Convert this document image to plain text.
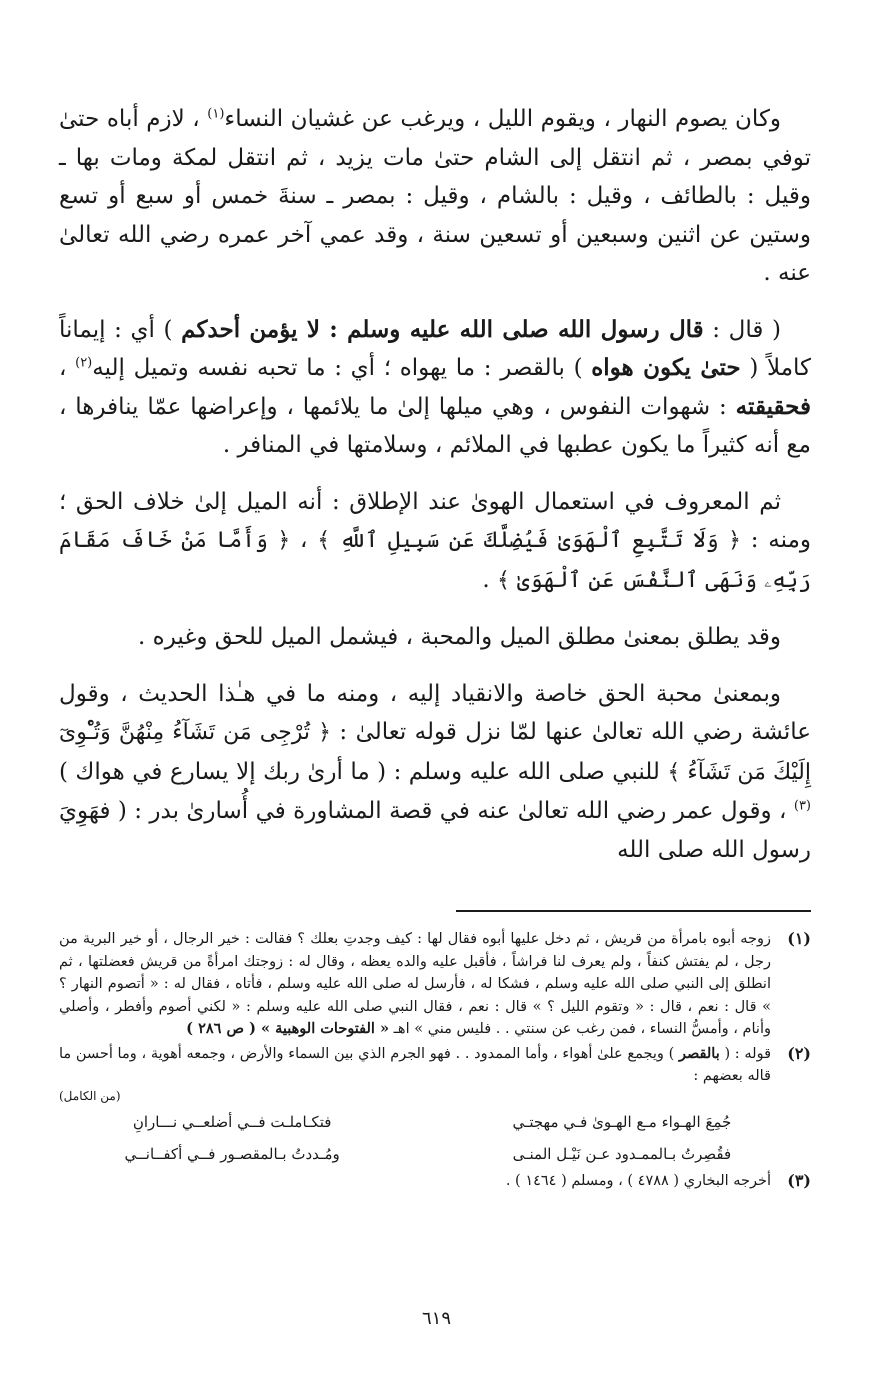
وكان يصوم النهار ، ويقوم الليل ، ويرغب عن غشيان النساء$^{(١)}$ ، لازم أباه حتىٰ توفي بمصر ، ثم انتقل إلى الشام حتىٰ مات يزيد ، ثم انتقل لمكة ومات بها ـ وقيل : بالطائف ، وقيل : بالشام ، وقيل : بمصر ـ سنةَ خمس أو سبع أو تسع وستين عن اثنين وسبعين أو تسعين سنة ، وقد عمي آخر عمره رضي الله تعالىٰ عنه .

( قال : قال رسول الله صلى الله عليه وسلم : لا يؤمن أحدكم ) أي : إيماناً كاملاً ( حتىٰ يكون هواه ) بالقصر : ما يهواه ؛ أي : ما تحبه نفسه وتميل إليه$^{(٢)}$ ، فحقيقته : شهوات النفوس ، وهي ميلها إلىٰ ما يلائمها ، وإعراضها عمّا ينافرها ، مع أنه كثيراً ما يكون عطبها في الملائم ، وسلامتها في المنافر .

ثم المعروف في استعمال الهوىٰ عند الإطلاق : أنه الميل إلىٰ خلاف الحق ؛ ومنه : ﴿ وَلَا تَتَّبِعِ ٱلْهَوَىٰ فَيُضِلَّكَ عَن سَبِيلِ ٱللَّهِ ﴾ ، ﴿ وَأَمَّا مَنْ خَافَ مَقَامَ رَبِّهِۦ وَنَهَى ٱلنَّفْسَ عَنِ ٱلْهَوَىٰ ﴾ .

وقد يطلق بمعنىٰ مطلق الميل والمحبة ، فيشمل الميل للحق وغيره .

وبمعنىٰ محبة الحق خاصة والانقياد إليه ، ومنه ما في هـٰذا الحديث ، وقول عائشة رضي الله تعالىٰ عنها لمّا نزل قوله تعالىٰ : ﴿ تُرْجِى مَن تَشَآءُ مِنْهُنَّ وَتُـْٔوِىٓ إِلَيْكَ مَن تَشَآءُ ﴾ للنبي صلى الله عليه وسلم : ( ما أرىٰ ربك إلا يسارع في هواك )$^{(٣)}$ ، وقول عمر رضي الله تعالىٰ عنه في قصة المشاورة في أُسارىٰ بدر : ( فهَوِيَ رسول الله صلى الله

(١)
زوجه أبوه بامرأة من قريش ، ثم دخل عليها أبوه فقال لها : كيف وجدتِ بعلك ؟ فقالت : خير الرجال ، أو خير البرية من رجل ، لم يفتش كنفاً ، ولم يعرف لنا فراشاً ، فأقبل عليه والده يعظه ، وقال له : زوجتك امرأةً من قريش فعضلتها ، ثم انطلق إلى النبي صلى الله عليه وسلم ، فشكا له ، فأرسل له صلى الله عليه وسلم ، فأتاه ، فقال له : « أتصوم النهار ؟ » قال : نعم ، قال : « وتقوم الليل ؟ » قال : نعم ، فقال النبي صلى الله عليه وسلم : « لكني أصوم وأفطر ، وأصلي وأنام ، وأمسُّ النساء ، فمن رغب عن سنتي . . فليس مني » اهـ « الفتوحات الوهبية » ( ص ٢٨٦ )
(٢)
قوله : ( بالقصر ) ويجمع علىٰ أهواء ، وأما الممدود . . فهو الجرم الذي بين السماء والأرض ، وجمعه أهوية ، وما أحسن ما قاله بعضهم :
(من الكامل)
جُمِعَ الهـواء مـع الهـوىٰ فـي مهجتـي
فتكـاملـت فــي أضلعــي نـــارانِ
فقُصِرتُ بـالممـدود عـن نَيْـل المنـى
ومُـددتُ بـالمقصـور فــي أكفــانــي
(٣)
أخرجه البخاري ( ٤٧٨٨ ) ، ومسلم ( ١٤٦٤ ) .
٦١٩
